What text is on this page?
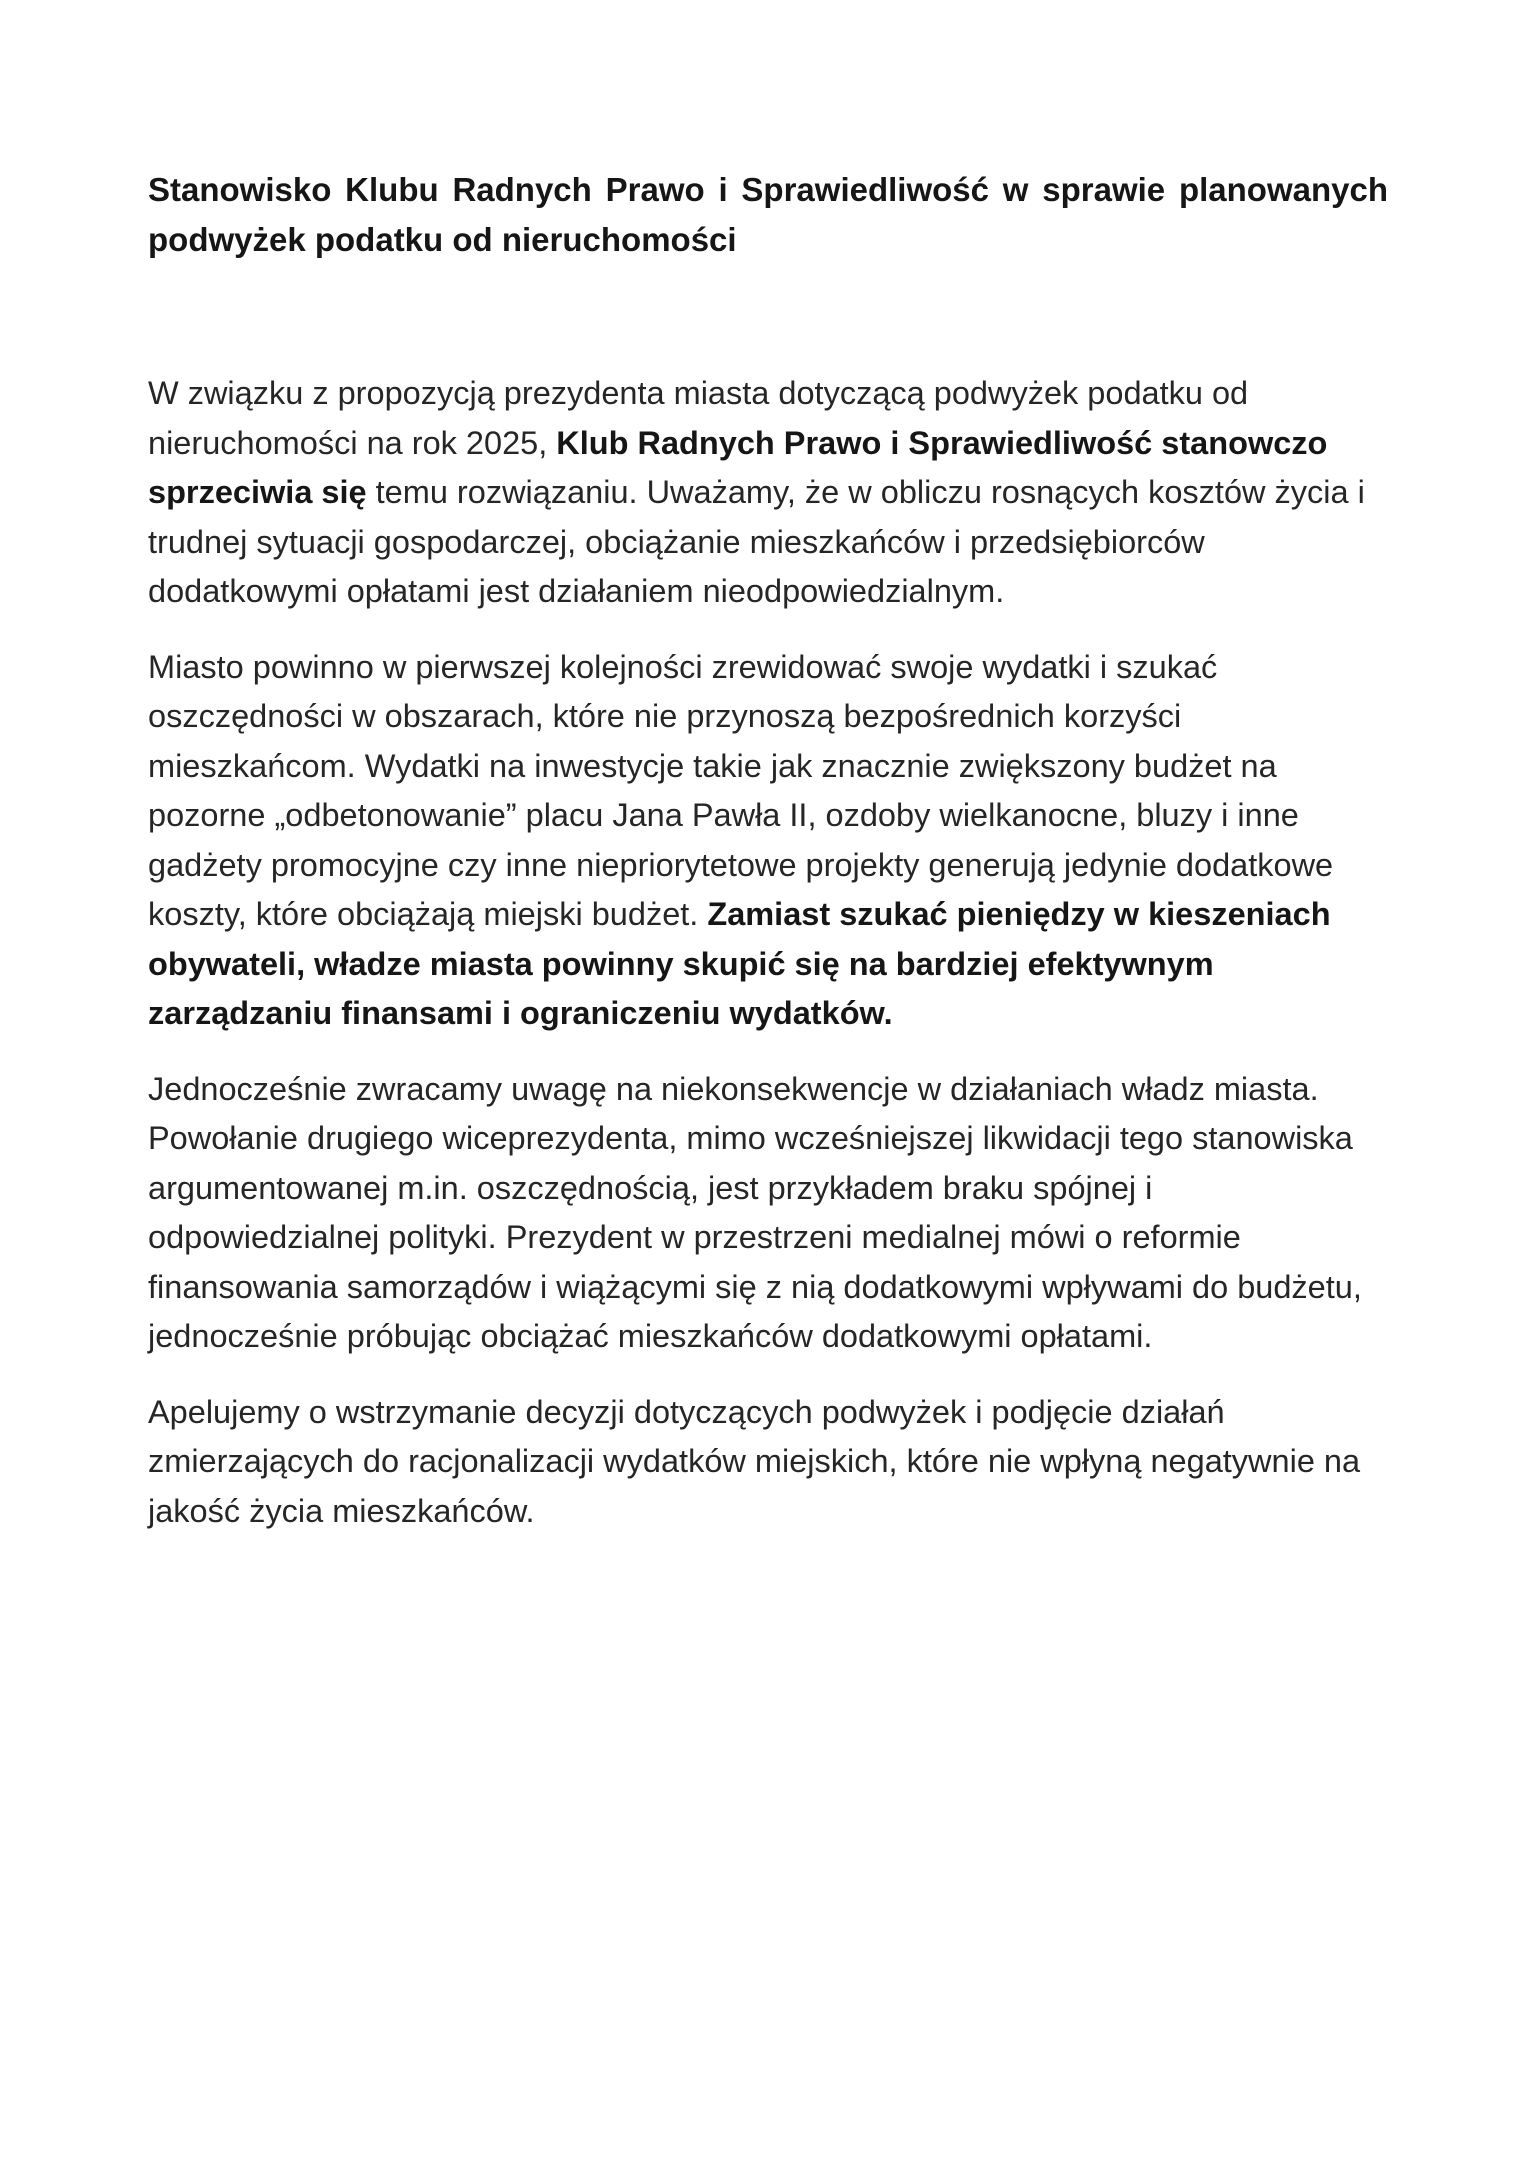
Stanowisko Klubu Radnych Prawo i Sprawiedliwość w sprawie planowanych podwyżek podatku od nieruchomości

W związku z propozycją prezydenta miasta dotyczącą podwyżek podatku od nieruchomości na rok 2025, Klub Radnych Prawo i Sprawiedliwość stanowczo sprzeciwia się temu rozwiązaniu. Uważamy, że w obliczu rosnących kosztów życia i trudnej sytuacji gospodarczej, obciążanie mieszkańców i przedsiębiorców dodatkowymi opłatami jest działaniem nieodpowiedzialnym.

Miasto powinno w pierwszej kolejności zrewidować swoje wydatki i szukać oszczędności w obszarach, które nie przynoszą bezpośrednich korzyści mieszkańcom. Wydatki na inwestycje takie jak znacznie zwiększony budżet na pozorne „odbetonowanie” placu Jana Pawła II, ozdoby wielkanocne, bluzy i inne gadżety promocyjne czy inne niepriorytetowe projekty generują jedynie dodatkowe koszty, które obciążają miejski budżet. Zamiast szukać pieniędzy w kieszeniach obywateli, władze miasta powinny skupić się na bardziej efektywnym zarządzaniu finansami i ograniczeniu wydatków.

Jednocześnie zwracamy uwagę na niekonsekwencje w działaniach władz miasta. Powołanie drugiego wiceprezydenta, mimo wcześniejszej likwidacji tego stanowiska argumentowanej m.in. oszczędnością, jest przykładem braku spójnej i odpowiedzialnej polityki. Prezydent w przestrzeni medialnej mówi o reformie finansowania samorządów i wiążącymi się z nią dodatkowymi wpływami do budżetu, jednocześnie próbując obciążać mieszkańców dodatkowymi opłatami.

Apelujemy o wstrzymanie decyzji dotyczących podwyżek i podjęcie działań zmierzających do racjonalizacji wydatków miejskich, które nie wpłyną negatywnie na jakość życia mieszkańców.
